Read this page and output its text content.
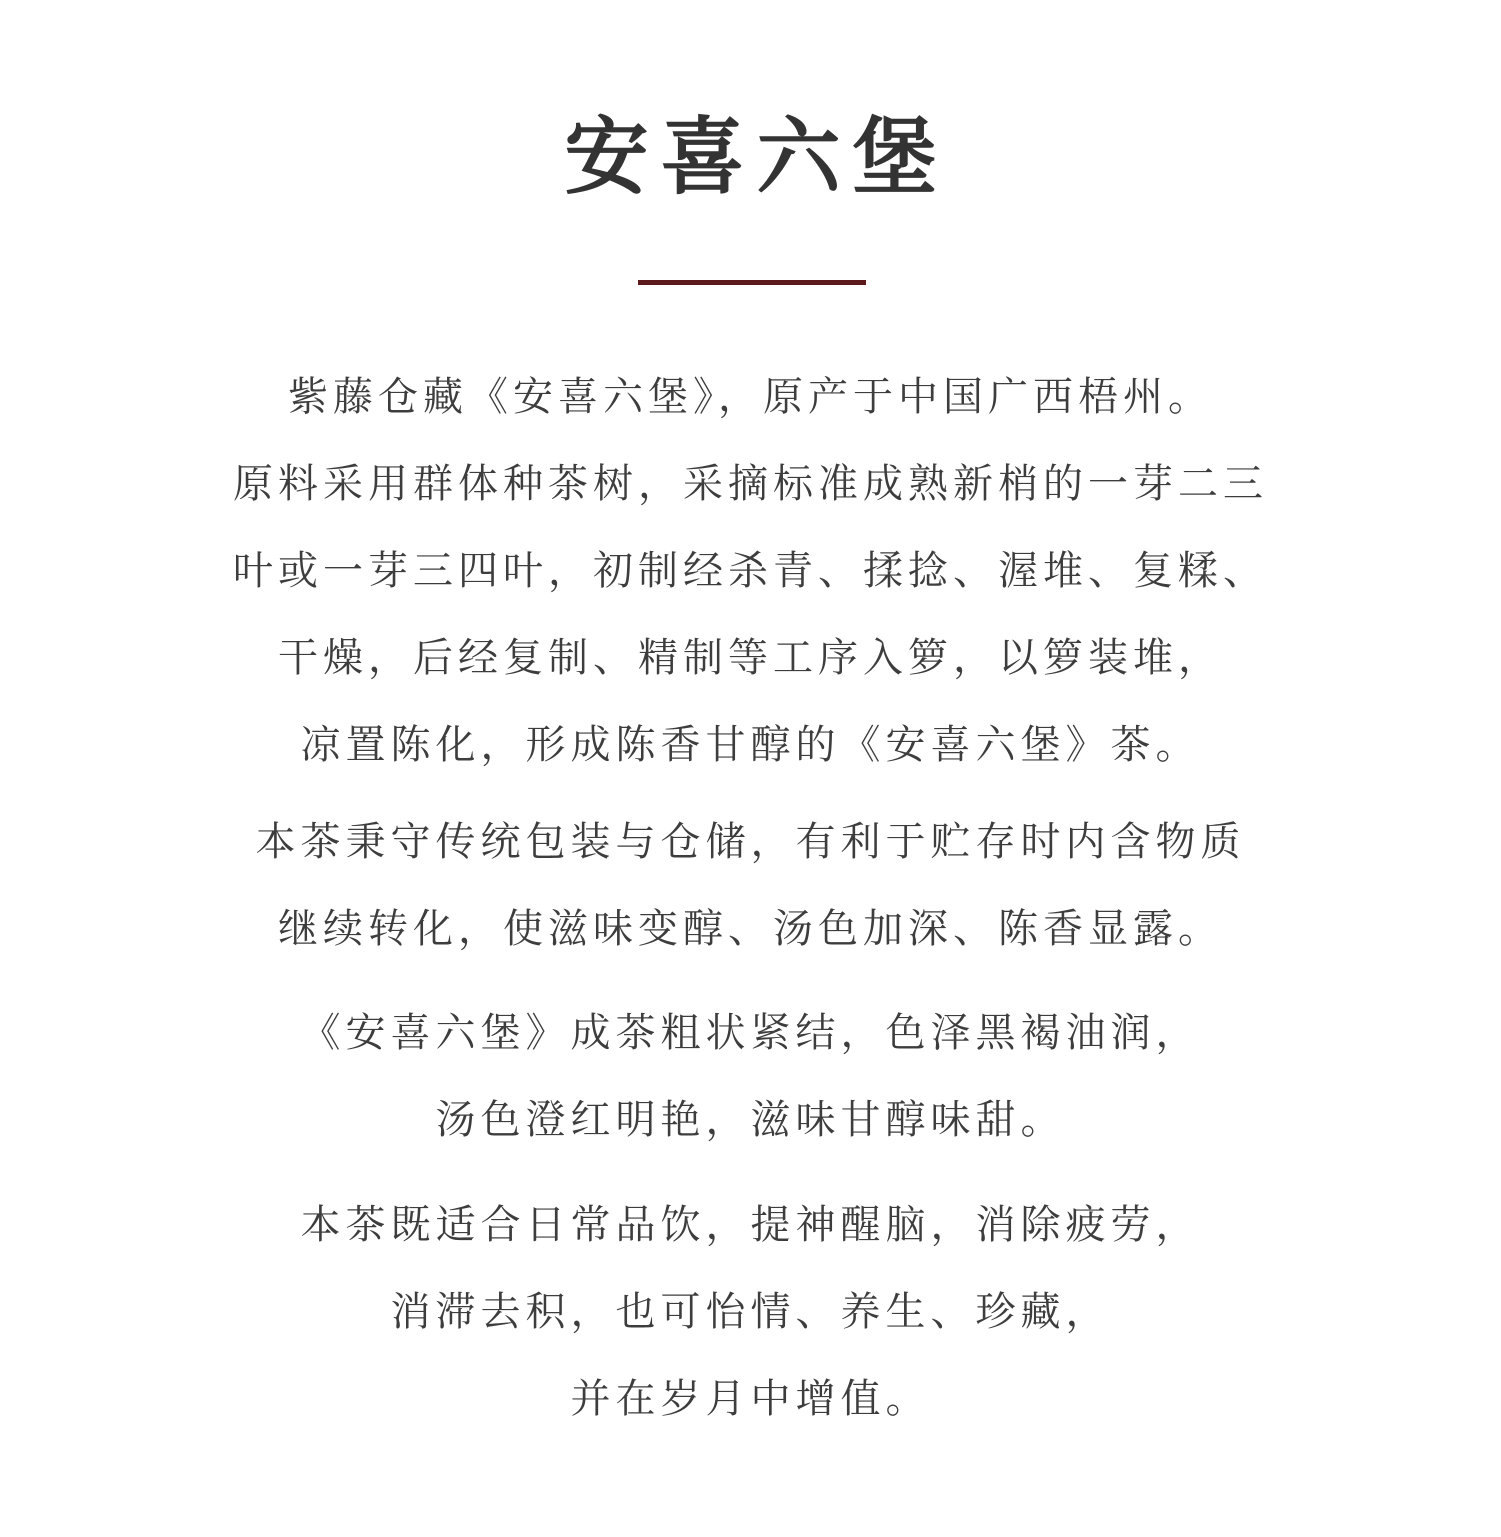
安喜六堡
紫藤仓藏《安喜六堡》，原产于中国广西梧州。
原料采用群体种茶树，采摘标准成熟新梢的一芽二三
叶或一芽三四叶，初制经杀青、揉捻、渥堆、复糅、
干燥，后经复制、精制等工序入箩，以箩装堆，
凉置陈化，形成陈香甘醇的《安喜六堡》茶。
本茶秉守传统包装与仓储，有利于贮存时内含物质
继续转化，使滋味变醇、汤色加深、陈香显露。
《安喜六堡》成茶粗状紧结，色泽黑褐油润，
汤色澄红明艳，滋味甘醇味甜。
本茶既适合日常品饮，提神醒脑，消除疲劳，
消滞去积，也可怡情、养生、珍藏，
并在岁月中增值。
